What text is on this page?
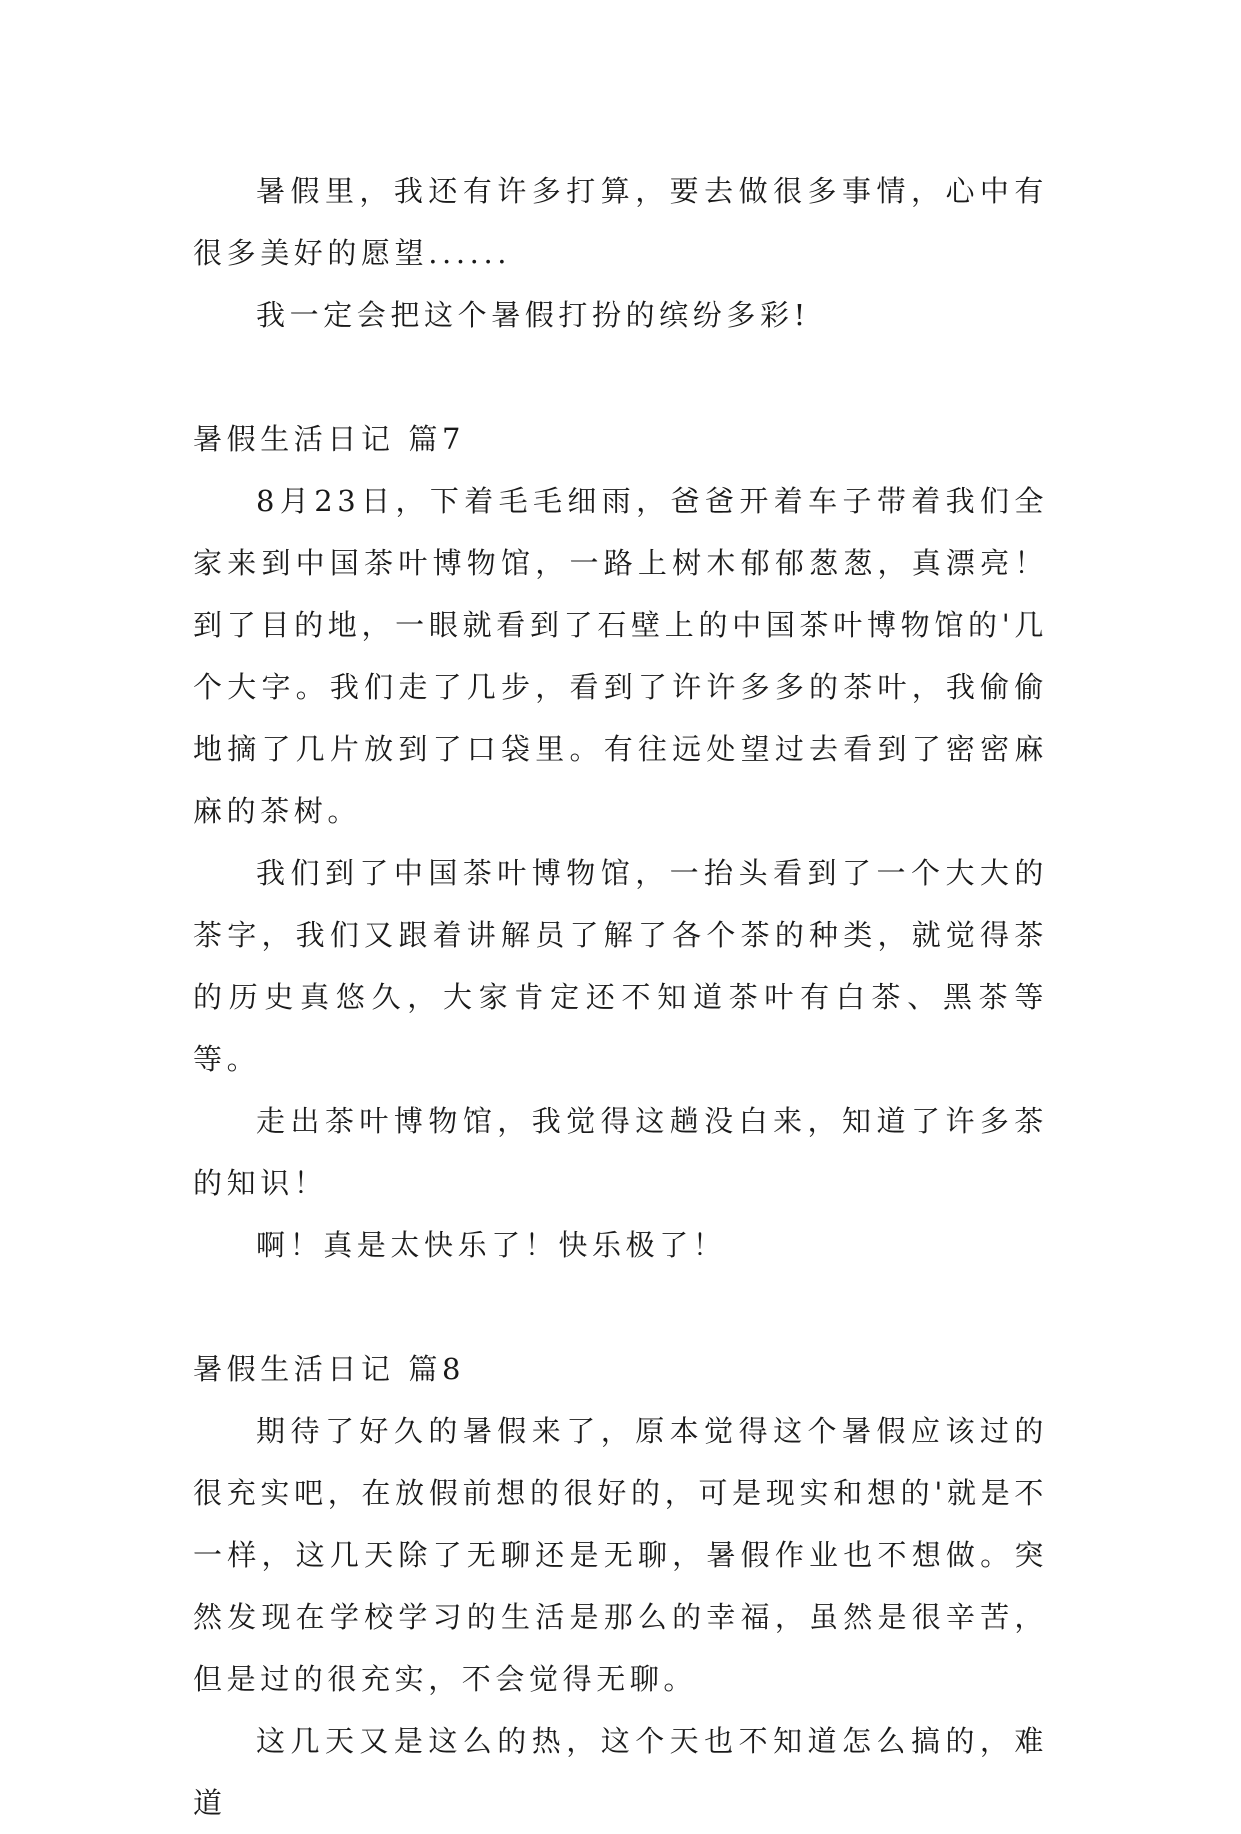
暑假里，我还有许多打算，要去做很多事情，心中有很多美好的愿望......

我一定会把这个暑假打扮的缤纷多彩!

暑假生活日记 篇7

8月23日，下着毛毛细雨，爸爸开着车子带着我们全家来到中国茶叶博物馆，一路上树木郁郁葱葱，真漂亮！到了目的地，一眼就看到了石壁上的中国茶叶博物馆的'几个大字。我们走了几步，看到了许许多多的茶叶，我偷偷地摘了几片放到了口袋里。有往远处望过去看到了密密麻麻的茶树。

我们到了中国茶叶博物馆，一抬头看到了一个大大的茶字，我们又跟着讲解员了解了各个茶的种类，就觉得茶的历史真悠久，大家肯定还不知道茶叶有白茶、黑茶等等。

走出茶叶博物馆，我觉得这趟没白来，知道了许多茶的知识！

啊！真是太快乐了！快乐极了！

暑假生活日记 篇8

期待了好久的暑假来了，原本觉得这个暑假应该过的很充实吧，在放假前想的很好的，可是现实和想的'就是不一样，这几天除了无聊还是无聊，暑假作业也不想做。突然发现在学校学习的生活是那么的幸福，虽然是很辛苦，但是过的很充实，不会觉得无聊。

这几天又是这么的热，这个天也不知道怎么搞的，难道
